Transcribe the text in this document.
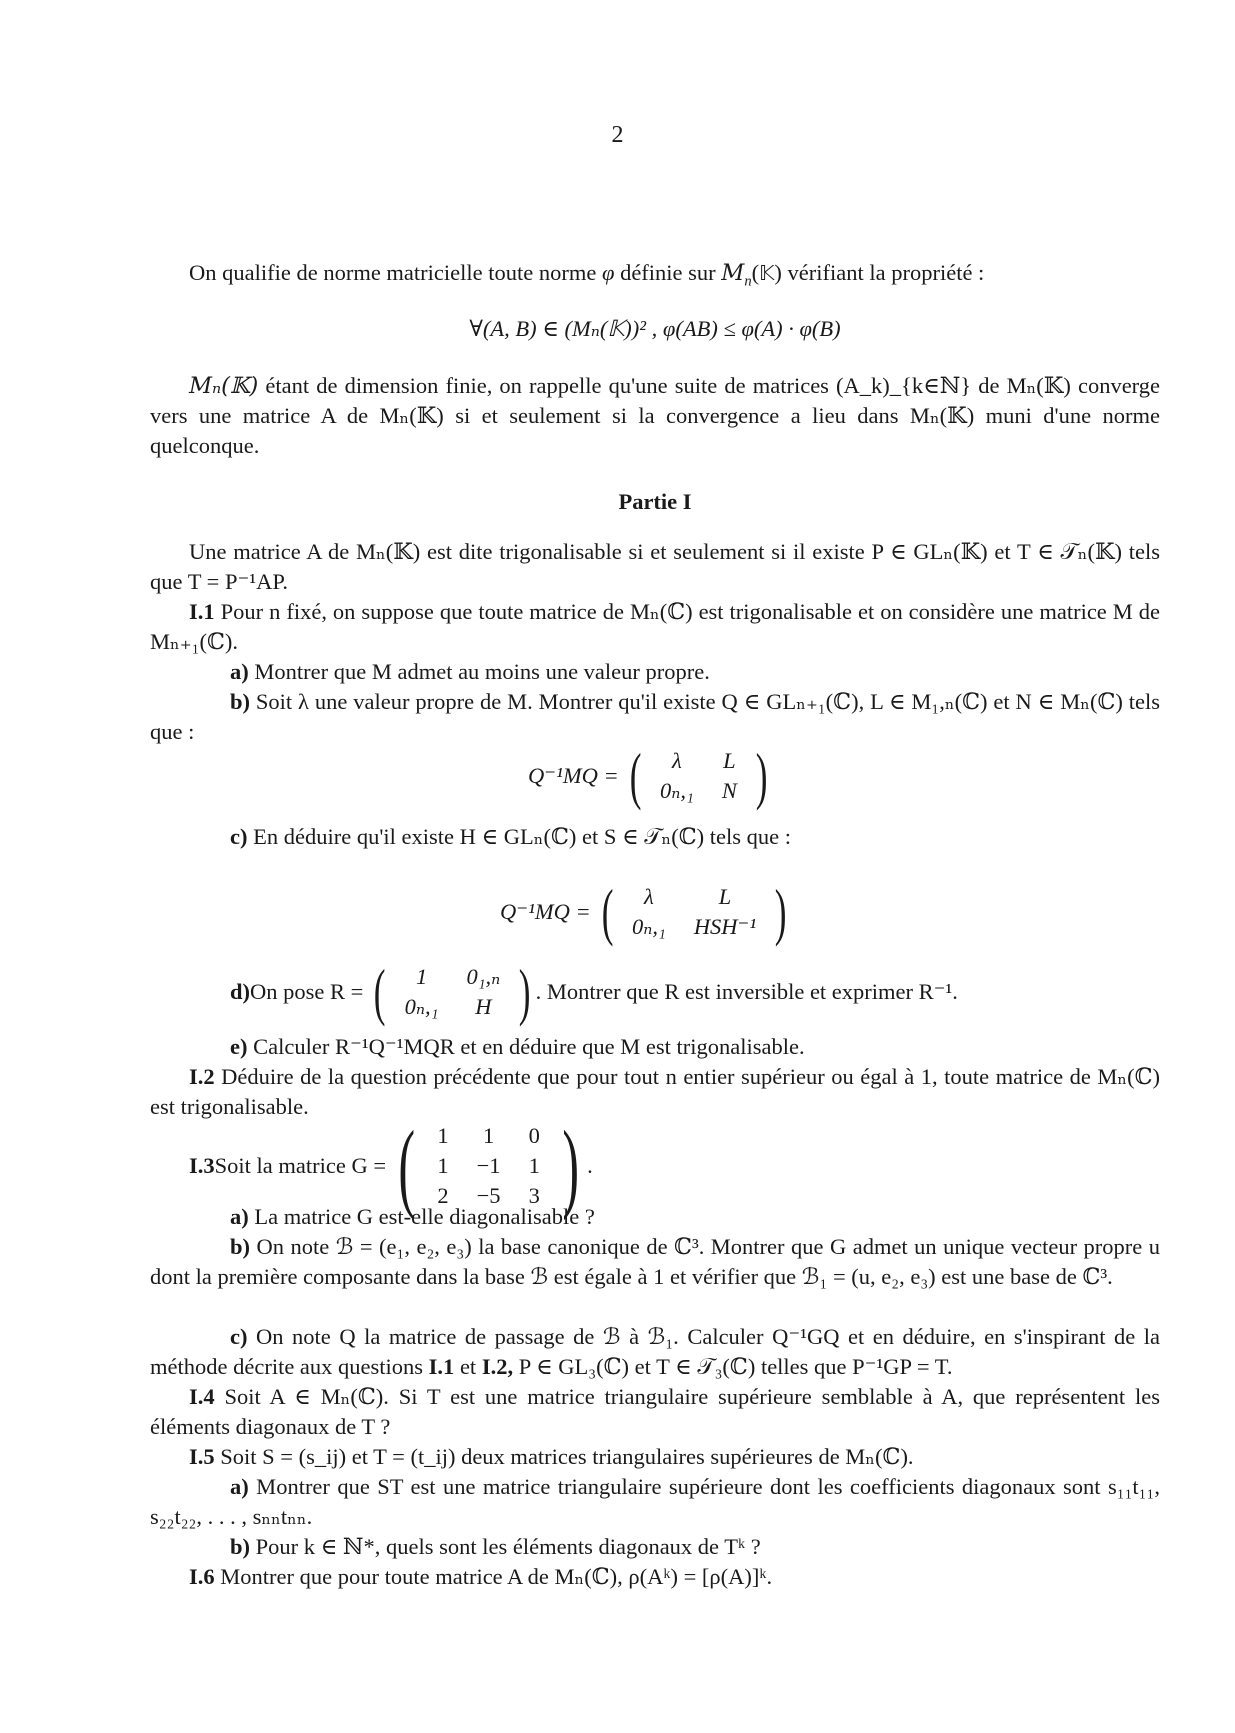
2
On qualifie de norme matricielle toute norme φ définie sur $M_n(𝕂)$ vérifiant la propriété :
∀(A, B) ∈ (Mₙ(𝕂))² , φ(AB) ≤ φ(A) · φ(B)
Mₙ(𝕂) étant de dimension finie, on rappelle qu'une suite de matrices (A_k)_{k∈ℕ} de Mₙ(𝕂) converge vers une matrice A de Mₙ(𝕂) si et seulement si la convergence a lieu dans Mₙ(𝕂) muni d'une norme quelconque.
Partie I
Une matrice A de Mₙ(𝕂) est dite trigonalisable si et seulement si il existe P ∈ GLₙ(𝕂) et T ∈ 𝒯ₙ(𝕂) tels que T = P⁻¹AP.
I.1 Pour n fixé, on suppose que toute matrice de Mₙ(ℂ) est trigonalisable et on considère une matrice M de Mₙ₊₁(ℂ).
a) Montrer que M admet au moins une valeur propre.
b) Soit λ une valeur propre de M. Montrer qu'il existe Q ∈ GLₙ₊₁(ℂ), L ∈ M₁,ₙ(ℂ) et N ∈ Mₙ(ℂ) tels que :
Q⁻¹MQ = ( λ	L
0ₙ,₁	N )
c) En déduire qu'il existe H ∈ GLₙ(ℂ) et S ∈ 𝒯ₙ(ℂ) tels que :
Q⁻¹MQ = ( λ	L
0ₙ,₁	HSH⁻¹ )
d) On pose R = ( 1	0₁,ₙ
0ₙ,₁	H ) . Montrer que R est inversible et exprimer R⁻¹.
e) Calculer R⁻¹Q⁻¹MQR et en déduire que M est trigonalisable.
I.2 Déduire de la question précédente que pour tout n entier supérieur ou égal à 1, toute matrice de Mₙ(ℂ) est trigonalisable.
I.3 Soit la matrice G = ( 1	1	0
1	−1	1
2	−5	3 ) .
a) La matrice G est-elle diagonalisable ?
b) On note ℬ = (e₁, e₂, e₃) la base canonique de ℂ³. Montrer que G admet un unique vecteur propre u dont la première composante dans la base ℬ est égale à 1 et vérifier que ℬ₁ = (u, e₂, e₃) est une base de ℂ³.
c) On note Q la matrice de passage de ℬ à ℬ₁. Calculer Q⁻¹GQ et en déduire, en s'inspirant de la méthode décrite aux questions I.1 et I.2, P ∈ GL₃(ℂ) et T ∈ 𝒯₃(ℂ) telles que P⁻¹GP = T.
I.4 Soit A ∈ Mₙ(ℂ). Si T est une matrice triangulaire supérieure semblable à A, que représentent les éléments diagonaux de T ?
I.5 Soit S = (s_ij) et T = (t_ij) deux matrices triangulaires supérieures de Mₙ(ℂ).
a) Montrer que ST est une matrice triangulaire supérieure dont les coefficients diagonaux sont s₁₁t₁₁, s₂₂t₂₂, . . . , sₙₙtₙₙ.
b) Pour k ∈ ℕ*, quels sont les éléments diagonaux de Tᵏ ?
I.6 Montrer que pour toute matrice A de Mₙ(ℂ), ρ(Aᵏ) = [ρ(A)]ᵏ.
